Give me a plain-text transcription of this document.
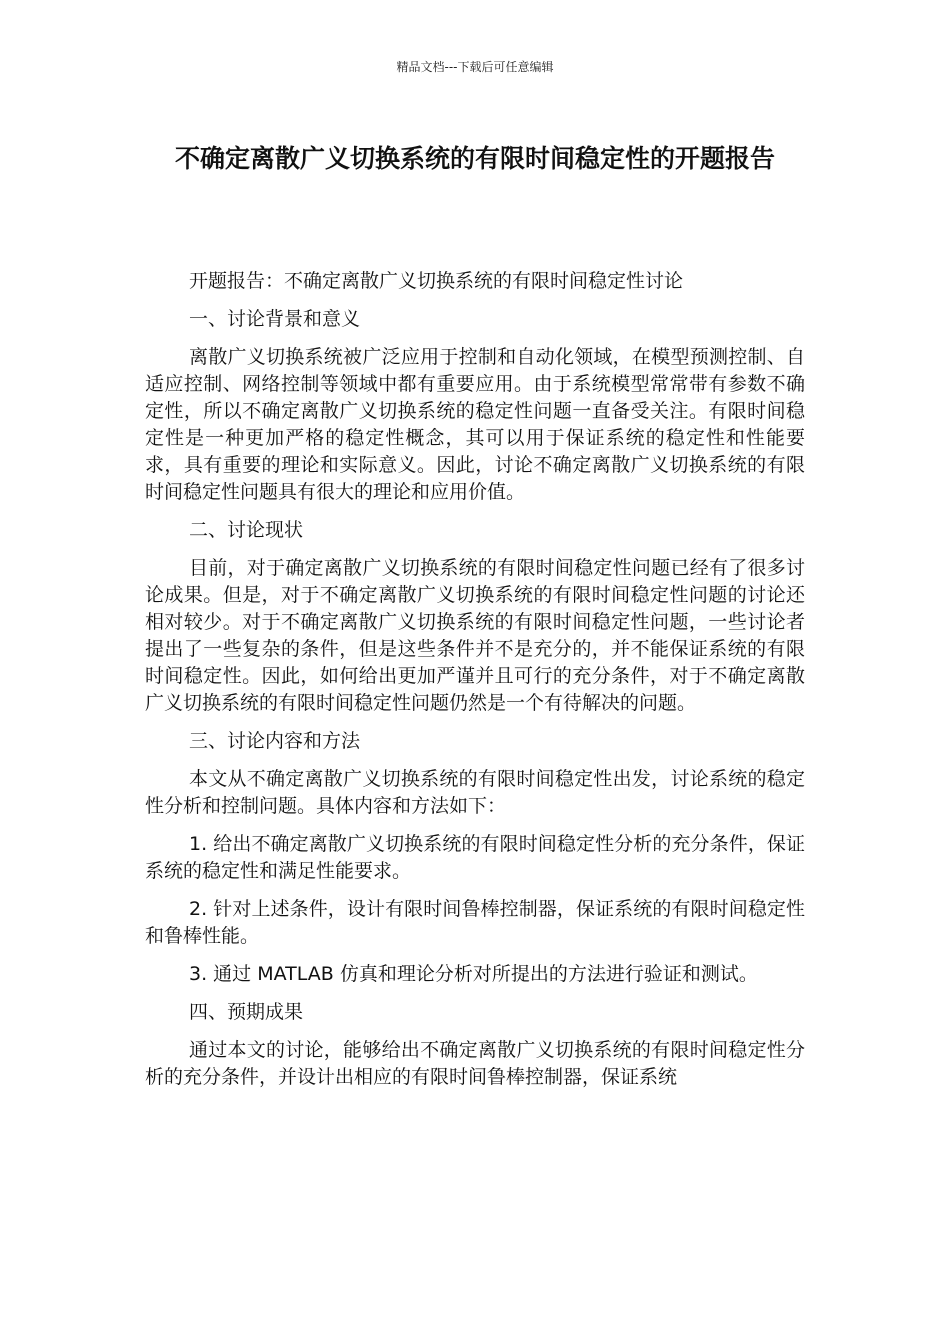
精品文档---下载后可任意编辑
不确定离散广义切换系统的有限时间稳定性的开题报告

开题报告：不确定离散广义切换系统的有限时间稳定性讨论

一、讨论背景和意义

离散广义切换系统被广泛应用于控制和自动化领域，在模型预测控制、自适应控制、网络控制等领域中都有重要应用。由于系统模型常常带有参数不确定性，所以不确定离散广义切换系统的稳定性问题一直备受关注。有限时间稳定性是一种更加严格的稳定性概念，其可以用于保证系统的稳定性和性能要求，具有重要的理论和实际意义。因此，讨论不确定离散广义切换系统的有限时间稳定性问题具有很大的理论和应用价值。

二、讨论现状

目前，对于确定离散广义切换系统的有限时间稳定性问题已经有了很多讨论成果。但是，对于不确定离散广义切换系统的有限时间稳定性问题的讨论还相对较少。对于不确定离散广义切换系统的有限时间稳定性问题，一些讨论者提出了一些复杂的条件，但是这些条件并不是充分的，并不能保证系统的有限时间稳定性。因此，如何给出更加严谨并且可行的充分条件，对于不确定离散广义切换系统的有限时间稳定性问题仍然是一个有待解决的问题。

三、讨论内容和方法

本文从不确定离散广义切换系统的有限时间稳定性出发，讨论系统的稳定性分析和控制问题。具体内容和方法如下：

1. 给出不确定离散广义切换系统的有限时间稳定性分析的充分条件，保证系统的稳定性和满足性能要求。

2. 针对上述条件，设计有限时间鲁棒控制器，保证系统的有限时间稳定性和鲁棒性能。

3. 通过 MATLAB 仿真和理论分析对所提出的方法进行验证和测试。

四、预期成果

通过本文的讨论，能够给出不确定离散广义切换系统的有限时间稳定性分析的充分条件，并设计出相应的有限时间鲁棒控制器，保证系统
